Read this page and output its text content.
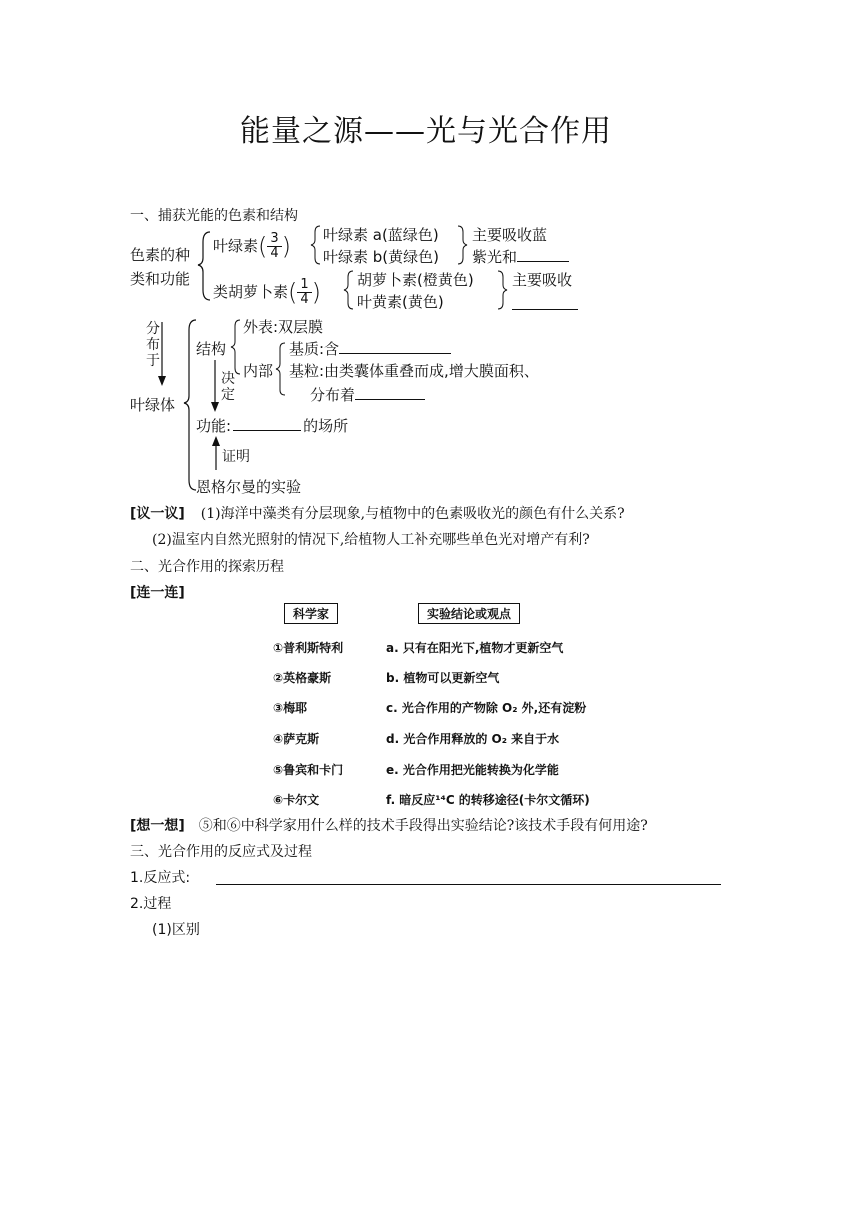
能量之源——光与光合作用
一、捕获光能的色素和结构
色素的种
类和功能
叶绿素( $\frac{3}{4}$ ) 叶绿素 a(蓝绿色)
叶绿素 b(黄绿色)
主要吸收蓝
紫光和
类胡萝卜素( $\frac{1}{4}$ ) 胡萝卜素(橙黄色)
叶黄素(黄色)
主要吸收
分
布
于
结构
外表:双层膜
内部
基质:含
基粒:由类囊体重叠而成,增大膜面积、
分布着
决
定
叶绿体
功能:	的场所
证明
恩格尔曼的实验
[议一议] (1)海洋中藻类有分层现象,与植物中的色素吸收光的颜色有什么关系?
(2)温室内自然光照射的情况下,给植物人工补充哪些单色光对增产有利?
二、光合作用的探索历程
[连一连]
科学家	实验结论或观点
①普利斯特利
②英格豪斯
③梅耶
④萨克斯
⑤鲁宾和卡门
⑥卡尔文
a. 只有在阳光下,植物才更新空气
b. 植物可以更新空气
c. 光合作用的产物除 O₂ 外,还有淀粉
d. 光合作用释放的 O₂ 来自于水
e. 光合作用把光能转换为化学能
f. 暗反应¹⁴C 的转移途径(卡尔文循环)
[想一想] ⑤和⑥中科学家用什么样的技术手段得出实验结论?该技术手段有何用途?
三、光合作用的反应式及过程
1.反应式:
2.过程
(1)区别
